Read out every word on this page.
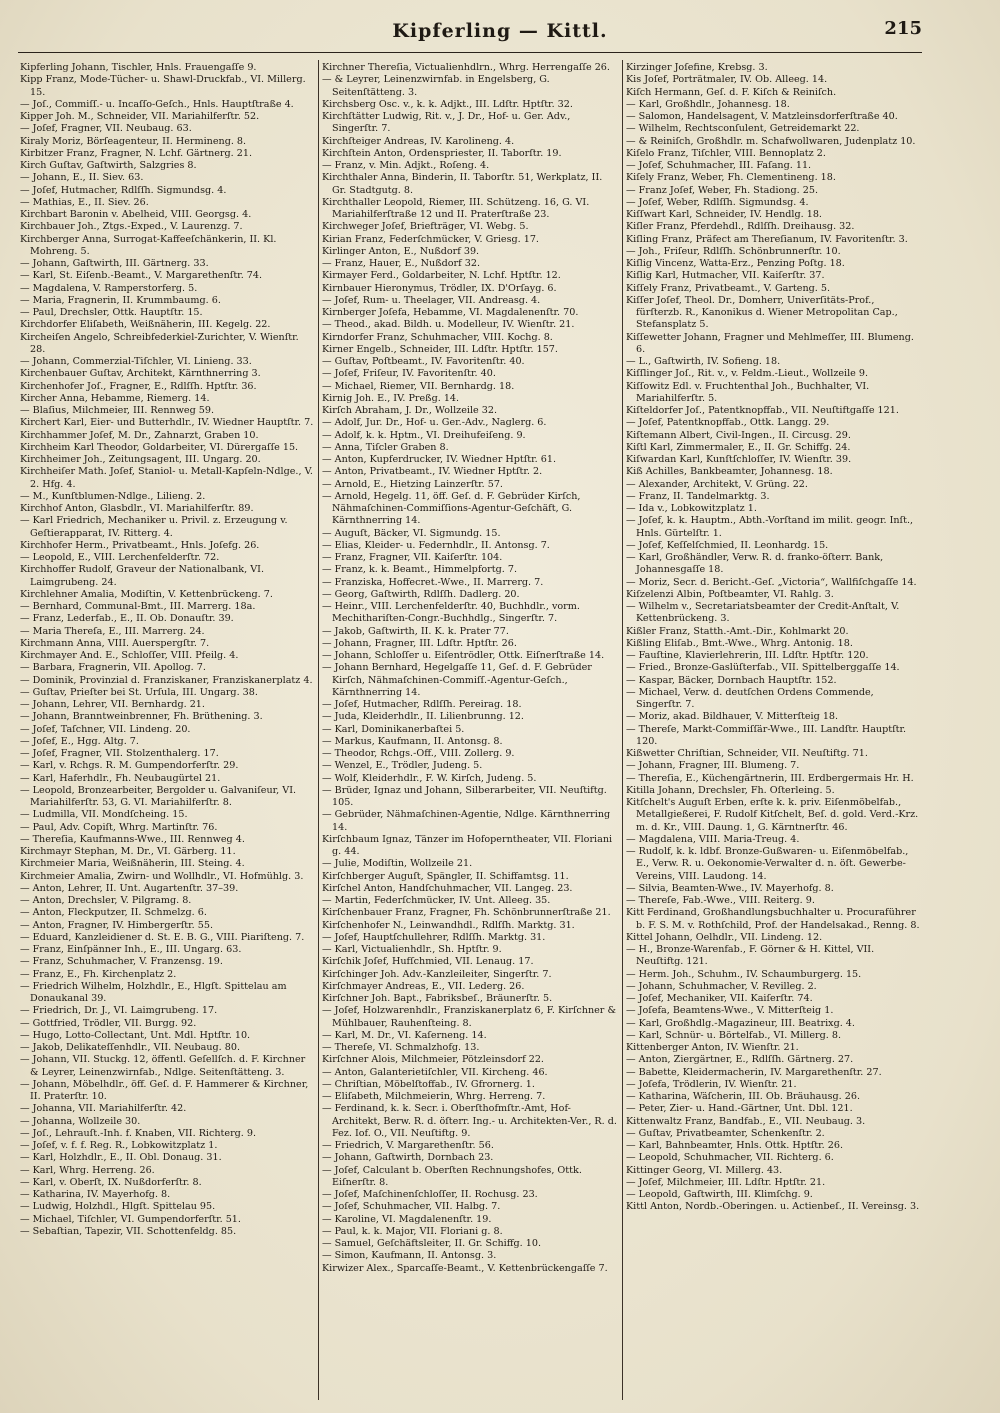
Kipferling — Kittl.	215
Kipferling Johann, Tischler, Hnls. Frauengaſſe 9.
Kipp Franz, Mode-Tücher- u. Shawl-Druckfab., VI. Millerg. 15.
— Joſ., Commiſſ.- u. Incaſſo-Geſch., Hnls. Hauptſtraße 4.
Kipper Joh. M., Schneider, VII. Mariahilferſtr. 52.
— Joſef, Fragner, VII. Neubaug. 63.
Kiraly Moriz, Börſeagenteur, II. Hermineng. 8.
Kirbitzer Franz, Fragner, N. Lchf. Gärtnerg. 21.
Kirch Guſtav, Gaſtwirth, Salzgries 8.
— Johann, E., II. Siev. 63.
— Joſef, Hutmacher, Rdlſſh. Sigmundsg. 4.
— Mathias, E., II. Siev. 26.
Kirchbart Baronin v. Abelheid, VIII. Georgsg. 4.
Kirchbauer Joh., Ztgs.-Exped., V. Laurenzg. 7.
Kirchberger Anna, Surrogat-Kaffeeſchänkerin, II. Kl. Mohreng. 5.
— Johann, Gaſtwirth, III. Gärtnerg. 33.
— Karl, St. Eiſenb.-Beamt., V. Margarethenſtr. 74.
— Magdalena, V. Ramperstorferg. 5.
— Maria, Fragnerin, II. Krummbaumg. 6.
— Paul, Drechsler, Ottk. Hauptſtr. 15.
Kirchdorfer Eliſabeth, Weißnäherin, III. Kegelg. 22.
Kircheiſen Angelo, Schreibfederkiel-Zurichter, V. Wienſtr. 28.
— Johann, Commerzial-Tiſchler, VI. Linieng. 33.
Kirchenbauer Guſtav, Architekt, Kärnthnerring 3.
Kirchenhofer Joſ., Fragner, E., Rdlſſh. Hptſtr. 36.
Kircher Anna, Hebamme, Riemerg. 14.
— Blaſius, Milchmeier, III. Rennweg 59.
Kirchert Karl, Eier- und Butterhdlr., IV. Wiedner Hauptſtr. 7.
Kirchhammer Joſef, M. Dr., Zahnarzt, Graben 10.
Kirchheim Karl Theodor, Goldarbeiter, VI. Dürergaſſe 15.
Kirchheimer Joh., Zeitungsagent, III. Ungarg. 20.
Kirchheiſer Math. Joſef, Staniol- u. Metall-Kapſeln-Ndlge., V. 2. Hfg. 4.
— M., Kunſtblumen-Ndlge., Lilieng. 2.
Kirchhof Anton, Glasbdlr., VI. Mariahilferſtr. 89.
— Karl Friedrich, Mechaniker u. Privil. z. Erzeugung v. Geſtierapparat, IV. Ritterg. 4.
Kirchhofer Herm., Privatbeamt., Hnls. Joſefg. 26.
— Leopold, E., VIII. Lerchenfelderſtr. 72.
Kirchhoffer Rudolf, Graveur der Nationalbank, VI. Laimgrubeng. 24.
Kirchlehner Amalia, Modiſtin, V. Kettenbrückeng. 7.
— Bernhard, Communal-Bmt., III. Marrerg. 18a.
— Franz, Lederfab., E., II. Ob. Donauſtr. 39.
— Maria Thereſa, E., III. Marrerg. 24.
Kirchmann Anna, VIII. Auerspergſtr. 7.
Kirchmayer And. E., Schloſſer, VIII. Pfeilg. 4.
— Barbara, Fragnerin, VII. Apollog. 7.
— Dominik, Provinzial d. Franziskaner, Franziskanerplatz 4.
— Guſtav, Prieſter bei St. Urſula, III. Ungarg. 38.
— Johann, Lehrer, VII. Bernhardg. 21.
— Johann, Branntweinbrenner, Fh. Brüthening. 3.
— Joſef, Taſchner, VII. Lindeng. 20.
— Joſef, E., Hgg. Altg. 7.
— Joſef, Fragner, VII. Stolzenthalerg. 17.
— Karl, v. Rchgs. R. M. Gumpendorferſtr. 29.
— Karl, Haferhdlr., Fh. Neubaugürtel 21.
— Leopold, Bronzearbeiter, Bergolder u. Galvaniſeur, VI. Mariahilferſtr. 53, G. VI. Mariahilferſtr. 8.
— Ludmilla, VII. Mondſcheing. 15.
— Paul, Adv. Copiſt, Whrg. Martinſtr. 76.
— Thereſia, Kaufmanns-Wwe., III. Rennweg 4.
Kirchmayr Stephan, M. Dr., VI. Gärberg. 11.
Kirchmeier Maria, Weißnäherin, III. Steing. 4.
Kirchmeier Amalia, Zwirn- und Wollhdlr., VI. Hofmühlg. 3.
— Anton, Lehrer, II. Unt. Augartenſtr. 37–39.
— Anton, Drechsler, V. Pilgramg. 8.
— Anton, Fleckputzer, II. Schmelzg. 6.
— Anton, Fragner, IV. Himbergerſtr. 55.
— Eduard, Kanzleidiener d. St. E. B. G., VIII. Piariſteng. 7.
— Franz, Einſpänner Inh., E., III. Ungarg. 63.
— Franz, Schuhmacher, V. Franzensg. 19.
— Franz, E., Fh. Kirchenplatz 2.
— Friedrich Wilhelm, Holzhdlr., E., Hlgſt. Spittelau am Donaukanal 39.
— Friedrich, Dr. J., VI. Laimgrubeng. 17.
— Gottfried, Trödler, VII. Burgg. 92.
— Hugo, Lotto-Collectant, Unt. Mdl. Hptſtr. 10.
— Jakob, Delikateſſenhdlr., VII. Neubaug. 80.
— Johann, VII. Stuckg. 12, öffentl. Geſellſch. d. F. Kirchner & Leyrer, Leinenzwirnfab., Ndlge. Seitenſtätteng. 3.
— Johann, Möbelhdlr., öff. Geſ. d. F. Hammerer & Kirchner, II. Praterſtr. 10.
— Johanna, VII. Mariahilferſtr. 42.
— Johanna, Wollzeile 30.
— Joſ., Lehrauſt.-Inh. f. Knaben, VII. Richterg. 9.
— Joſef, v. f. f. Reg. R., Lobkowitzplatz 1.
— Karl, Holzhdlr., E., II. Obl. Donaug. 31.
— Karl, Whrg. Herreng. 26.
— Karl, v. Oberſt, IX. Nußdorferſtr. 8.
— Katharina, IV. Mayerhofg. 8.
— Ludwig, Holzhdl., Hlgſt. Spittelau 95.
— Michael, Tiſchler, VI. Gumpendorferſtr. 51.
— Sebaſtian, Tapezir, VII. Schottenfeldg. 85.
Kirchner Thereſia, Victualienhdlrn., Whrg. Herrengaſſe 26.
— & Leyrer, Leinenzwirnfab. in Engelsberg, G. Seitenſtätteng. 3.
Kirchsberg Osc. v., k. k. Adjkt., III. Ldſtr. Hptſtr. 32.
Kirchſtätter Ludwig, Rit. v., J. Dr., Hof- u. Ger. Adv., Singerſtr. 7.
Kirchſteiger Andreas, IV. Karolineng. 4.
Kirchſtein Anton, Ordenspriester, II. Taborſtr. 19.
— Franz, v. Min. Adjkt., Roſeng. 4.
Kirchthaler Anna, Binderin, II. Taborſtr. 51, Werkplatz, II. Gr. Stadtgutg. 8.
Kirchthaller Leopold, Riemer, III. Schützeng. 16, G. VI. Mariahilferſtraße 12 und II. Praterſtraße 23.
Kirchweger Joſef, Briefträger, VI. Webg. 5.
Kirian Franz, Federſchmücker, V. Griesg. 17.
Kirlinger Anton, E., Nußdorf 39.
— Franz, Hauer, E., Nußdorf 32.
Kirmayer Ferd., Goldarbeiter, N. Lchf. Hptſtr. 12.
Kirnbauer Hieronymus, Trödler, IX. D'Orſayg. 6.
— Joſef, Rum- u. Theelager, VII. Andreasg. 4.
Kirnberger Joſefa, Hebamme, VI. Magdalenenſtr. 70.
— Theod., akad. Bildh. u. Modelleur, IV. Wienſtr. 21.
Kirndorfer Franz, Schuhmacher, VIII. Kochg. 8.
Kirner Engelb., Schneider, III. Ldſtr. Hptſtr. 157.
— Guſtav, Poſtbeamt., IV. Favoritenſtr. 40.
— Joſef, Friſeur, IV. Favoritenſtr. 40.
— Michael, Riemer, VII. Bernhardg. 18.
Kirnig Joh. E., IV. Preßg. 14.
Kirſch Abraham, J. Dr., Wollzeile 32.
— Adolf, Jur. Dr., Hof- u. Ger.-Adv., Naglerg. 6.
— Adolf, k. k. Hptm., VI. Dreihufeiſeng. 9.
— Anna, Tiſcler Graben 8.
— Anton, Kupferdrucker, IV. Wiedner Hptſtr. 61.
— Anton, Privatbeamt., IV. Wiedner Hptſtr. 2.
— Arnold, E., Hietzing Lainzerſtr. 57.
— Arnold, Hegelg. 11, öff. Geſ. d. F. Gebrüder Kirſch, Nähmaſchinen-Commiſſions-Agentur-Geſchäft, G. Kärnthnerring 14.
— Auguſt, Bäcker, VI. Sigmundg. 15.
— Elias, Kleider- u. Federnhdlr., II. Antonsg. 7.
— Franz, Fragner, VII. Kaiſerſtr. 104.
— Franz, k. k. Beamt., Himmelpfortg. 7.
— Franziska, Hoffecret.-Wwe., II. Marrerg. 7.
— Georg, Gaſtwirth, Rdlſſh. Dadlerg. 20.
— Heinr., VIII. Lerchenfelderſtr. 40, Buchhdlr., vorm. Mechithariſten-Congr.-Buchhdlg., Singerſtr. 7.
— Jakob, Gaſtwirth, II. K. k. Prater 77.
— Johann, Fragner, III. Ldſtr. Hptſtr. 26.
— Johann, Schloſſer u. Eiſentrödler, Ottk. Eiſnerſtraße 14.
— Johann Bernhard, Hegelgaſſe 11, Geſ. d. F. Gebrüder Kirſch, Nähmaſchinen-Commiſſ.-Agentur-Geſch., Kärnthnerring 14.
— Joſef, Hutmacher, Rdlſſh. Pereirag. 18.
— Juda, Kleiderhdlr., II. Lilienbrunng. 12.
— Karl, Dominikanerbaſtei 5.
— Markus, Kaufmann, II. Antonsg. 8.
— Theodor, Rchgs.-Off., VIII. Zollerg. 9.
— Wenzel, E., Trödler, Judeng. 5.
— Wolf, Kleiderhdlr., F. W. Kirſch, Judeng. 5.
— Brüder, Ignaz und Johann, Silberarbeiter, VII. Neuſtiftg. 105.
— Gebrüder, Nähmaſchinen-Agentie, Ndlge. Kärnthnerring 14.
Kirſchbaum Ignaz, Tänzer im Hofoperntheater, VII. Floriani g. 44.
— Julie, Modiſtin, Wollzeile 21.
Kirſchberger Auguſt, Spängler, II. Schiffamtsg. 11.
Kirſchel Anton, Handſchuhmacher, VII. Langeg. 23.
— Martin, Federſchmücker, IV. Unt. Alleeg. 35.
Kirſchenbauer Franz, Fragner, Fh. Schönbrunnerſtraße 21.
Kirſchenhofer N., Leinwandhdl., Rdlſſh. Marktg. 31.
— Joſef, Hauptſchullehrer, Rdlſſh. Marktg. 31.
— Karl, Victualienhdlr., Sh. Hptſtr. 9.
Kirſchik Joſef, Hufſchmied, VII. Lenaug. 17.
Kirſchinger Joh. Adv.-Kanzleileiter, Singerſtr. 7.
Kirſchmayer Andreas, E., VII. Lederg. 26.
Kirſchner Joh. Bapt., Fabriksbeſ., Bräunerſtr. 5.
— Joſef, Holzwarenhdlr., Franziskanerplatz 6, F. Kirſchner & Mühlbauer, Rauhenſteing. 8.
— Karl, M. Dr., VI. Kaſerneng. 14.
— Thereſe, VI. Schmalzhofg. 13.
Kirſchner Alois, Milchmeier, Pötzleinsdorf 22.
— Anton, Galanterietiſchler, VII. Kircheng. 46.
— Chriſtian, Möbelſtoffab., IV. Gfrornerg. 1.
— Eliſabeth, Milchmeierin, Whrg. Herreng. 7.
— Ferdinand, k. k. Secr. i. Oberſthofmſtr.-Amt, Hof-Architekt, Berw. R. d. öſterr. Ing.- u. Architekten-Ver., R. d. Fez. Iof. O., VII. Neuſtiftg. 9.
— Friedrich, V. Margarethenſtr. 56.
— Johann, Gaſtwirth, Dornbach 23.
— Joſef, Calculant b. Oberſten Rechnungshofes, Ottk. Eiſnerſtr. 8.
— Joſef, Maſchinenſchloſſer, II. Rochusg. 23.
— Joſef, Schuhmacher, VII. Halbg. 7.
— Karoline, VI. Magdalenenſtr. 19.
— Paul, k. k. Major, VII. Floriani g. 8.
— Samuel, Geſchäftsleiter, II. Gr. Schiffg. 10.
— Simon, Kaufmann, II. Antonsg. 3.
Kirwizer Alex., Sparcaſſe-Beamt., V. Kettenbrückengaſſe 7.
Kirzinger Joſefine, Krebsg. 3.
Kis Joſef, Porträtmaler, IV. Ob. Alleeg. 14.
Kiſch Hermann, Geſ. d. F. Kiſch & Reiniſch.
— Karl, Großhdlr., Johannesg. 18.
— Salomon, Handelsagent, V. Matzleinsdorferſtraße 40.
— Wilhelm, Rechtsconſulent, Getreidemarkt 22.
— & Reiniſch, Großhdlr. m. Schafwollwaren, Judenplatz 10.
Kiſelo Franz, Tiſchler, VIII. Bennoplatz 2.
— Joſef, Schuhmacher, III. Faſang. 11.
Kiſely Franz, Weber, Fh. Clementineng. 18.
— Franz Joſef, Weber, Fh. Stadiong. 25.
— Joſef, Weber, Rdlſſh. Sigmundsg. 4.
Kiſſwart Karl, Schneider, IV. Hendlg. 18.
Kiſler Franz, Pferdehdl., Rdlſſh. Dreihausg. 32.
Kiſling Franz, Präfect am Thereſianum, IV. Favoritenſtr. 3.
— Joh., Friſeur, Rdlſſh. Schönbrunnerſtr. 10.
Kiſlig Vincenz, Watta-Erz., Penzing Poſtg. 18.
Kiſlig Karl, Hutmacher, VII. Kaiſerſtr. 37.
Kiſſely Franz, Privatbeamt., V. Garteng. 5.
Kiſſer Joſef, Theol. Dr., Domherr, Univerſitäts-Prof., fürſterzb. R., Kanonikus d. Wiener Metropolitan Cap., Stefansplatz 5.
Kiſſewetter Johann, Fragner und Mehlmeſſer, III. Blumeng. 6.
— L., Gaſtwirth, IV. Sofieng. 18.
Kiſſlinger Joſ., Rit. v., v. Feldm.-Lieut., Wollzeile 9.
Kiſſowitz Edl. v. Fruchtenthal Joh., Buchhalter, VI. Mariahilferſtr. 5.
Kiſteldorfer Joſ., Patentknopffab., VII. Neuſtiftgaſſe 121.
— Joſef, Patentknopffab., Ottk. Langg. 29.
Kiſtemann Albert, Civil-Ingen., II. Circusg. 29.
Kiſtl Karl, Zimmermaler, E., II. Gr. Schiffg. 24.
Kiſwardan Karl, Kunſtſchloſſer, IV. Wienſtr. 39.
Kiß Achilles, Bankbeamter, Johannesg. 18.
— Alexander, Architekt, V. Grüng. 22.
— Franz, II. Tandelmarktg. 3.
— Ida v., Lobkowitzplatz 1.
— Joſef, k. k. Hauptm., Abth.-Vorſtand im milit. geogr. Inſt., Hnls. Gürtelſtr. 1.
— Joſef, Keſſelſchmied, II. Leonhardg. 15.
— Karl, Großhändler, Verw. R. d. franko-öſterr. Bank, Johannesgaſſe 18.
— Moriz, Secr. d. Bericht.-Geſ. „Victoria“, Wallfiſchgaſſe 14.
Kiſzelenzi Albin, Poſtbeamter, VI. Rahlg. 3.
— Wilhelm v., Secretariatsbeamter der Credit-Anſtalt, V. Kettenbrückeng. 3.
Kißler Franz, Statth.-Amt.-Dir., Kohlmarkt 20.
Kißling Eliſab., Bmt.-Wwe., Whrg. Antonig. 18.
— Fauſtine, Klavierlehrerin, III. Ldſtr. Hptſtr. 120.
— Fried., Bronze-Gaslüſterfab., VII. Spittelberggaſſe 14.
— Kaspar, Bäcker, Dornbach Hauptſtr. 152.
— Michael, Verw. d. deutſchen Ordens Commende, Singerſtr. 7.
— Moriz, akad. Bildhauer, V. Mitterſteig 18.
— Thereſe, Markt-Commiſſär-Wwe., III. Landſtr. Hauptſtr. 120.
Kißwetter Chriſtian, Schneider, VII. Neuſtiftg. 71.
— Johann, Fragner, III. Blumeng. 7.
— Thereſia, E., Küchengärtnerin, III. Erdbergermais Hr. H.
Kitilla Johann, Drechsler, Fh. Oſterleing. 5.
Kitſchelt's Auguſt Erben, erſte k. k. priv. Eiſenmöbelfab., Metallgießerei, F. Rudolf Kitſchelt, Beſ. d. gold. Verd.-Krz. m. d. Kr., VIII. Daung. 1, G. Kärntnerſtr. 46.
— Magdalena, VIII. Maria-Treug. 4.
— Rudolf, k. k. ldbf. Bronze-Gußwaren- u. Eiſenmöbelfab., E., Verw. R. u. Oekonomie-Verwalter d. n. öſt. Gewerbe-Vereins, VIII. Laudong. 14.
— Silvia, Beamten-Wwe., IV. Mayerhofg. 8.
— Thereſe, Fab.-Wwe., VIII. Reiterg. 9.
Kitt Ferdinand, Großhandlungsbuchhalter u. Procuraführer b. F. S. M. v. Rothſchild, Prof. der Handelsakad., Renng. 8.
Kittel Johann, Oelhdlr., VII. Lindeng. 12.
— H., Bronze-Warenfab., F. Görner & H. Kittel, VII. Neuſtiftg. 121.
— Herm. Joh., Schuhm., IV. Schaumburgerg. 15.
— Johann, Schuhmacher, V. Revilleg. 2.
— Joſef, Mechaniker, VII. Kaiſerſtr. 74.
— Joſefa, Beamtens-Wwe., V. Mitterſteig 1.
— Karl, Großhdlg.-Magazineur, III. Beatrixg. 4.
— Karl, Schnür- u. Börtelfab., VI. Millerg. 8.
Kittenberger Anton, IV. Wienſtr. 21.
— Anton, Ziergärtner, E., Rdlſſh. Gärtnerg. 27.
— Babette, Kleidermacherin, IV. Margarethenſtr. 27.
— Joſefa, Trödlerin, IV. Wienſtr. 21.
— Katharina, Wäſcherin, III. Ob. Bräuhausg. 26.
— Peter, Zier- u. Hand.-Gärtner, Unt. Dbl. 121.
Kittenwaltz Franz, Bandfab., E., VII. Neubaug. 3.
— Guſtav, Privatbeamter, Schenkenſtr. 2.
— Karl, Bahnbeamter, Hnls. Ottk. Hptſtr. 26.
— Leopold, Schuhmacher, VII. Richterg. 6.
Kittinger Georg, VI. Millerg. 43.
— Joſef, Milchmeier, III. Ldſtr. Hptſtr. 21.
— Leopold, Gaſtwirth, III. Klimſchg. 9.
Kittl Anton, Nordb.-Oberingen. u. Actienbeſ., II. Vereinsg. 3.
